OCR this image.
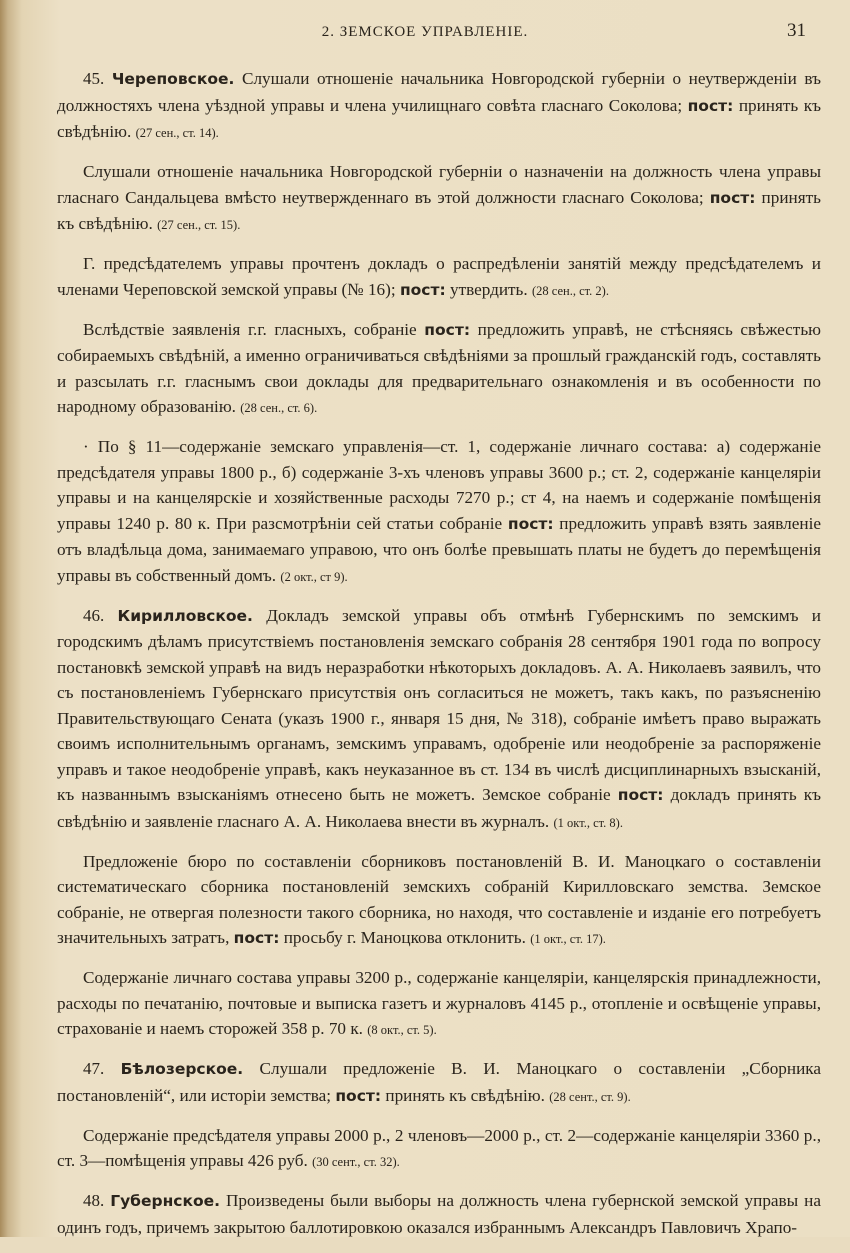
2. ЗЕМСКОЕ УПРАВЛЕНIЕ.	31

45. Череповское. Слушали отношенiе начальника Новгородской губернiи о неутвержденiи въ должностяхъ члена уѣздной управы и члена училищнаго совѣта гласнаго Соколова; пост: принять къ свѣдѣнiю. (27 сен., ст. 14).

Слушали отношенiе начальника Новгородской губернiи о назначенiи на должность члена управы гласнаго Сандальцева вмѣсто неутвержденнаго въ этой должности гласнаго Соколова; пост: принять къ свѣдѣнiю. (27 сен., ст. 15).

Г. предсѣдателемъ управы прочтенъ докладъ о распредѣленiи занятiй между предсѣдателемъ и членами Череповской земской управы (№ 16); пост: утвердить. (28 сен., ст. 2).

Вслѣдствiе заявленiя г.г. гласныхъ, собранiе пост: предложить управѣ, не стѣсняясь свѣжестью собираемыхъ свѣдѣнiй, а именно ограничиваться свѣдѣнiями за прошлый гражданскiй годъ, составлять и разсылать г.г. гласнымъ свои доклады для предварительнаго ознакомленiя и въ особенности по народному образованiю. (28 сен., ст. 6).

· По § 11—содержанiе земскаго управленiя—ст. 1, содержанiе личнаго состава: а) содержанiе предсѣдателя управы 1800 р., б) содержанiе 3-хъ членовъ управы 3600 р.; ст. 2, содержанiе канцеляріи управы и на канцелярскiе и хозяйственные расходы 7270 р.; ст 4, на наемъ и содержанiе помѣщенiя управы 1240 р. 80 к. При разсмотрѣнiи сей статьи собранiе пост: предложить управѣ взять заявленiе отъ владѣльца дома, занимаемаго управою, что онъ болѣе превышать платы не будетъ до перемѣщенiя управы въ собственный домъ. (2 окт., ст 9).

46. Кирилловское. Докладъ земской управы объ отмѣнѣ Губернскимъ по земскимъ и городскимъ дѣламъ присутствiемъ постановленiя земскаго собранiя 28 сентября 1901 года по вопросу постановкѣ земской управѣ на видъ неразработки нѣкоторыхъ докладовъ. А. А. Николаевъ заявилъ, что съ постановленiемъ Губернскаго присутствiя онъ согласиться не можетъ, такъ какъ, по разъясненiю Правительствующаго Сената (указъ 1900 г., января 15 дня, № 318), собранiе имѣетъ право выражать своимъ исполнительнымъ органамъ, земскимъ управамъ, одобренiе или неодобренiе за распоряженiе управъ и такое неодобренiе управѣ, какъ неуказанное въ ст. 134 въ числѣ дисциплинарныхъ взысканiй, къ названнымъ взысканiямъ отнесено быть не можетъ. Земское собранiе пост: докладъ принять къ свѣдѣнiю и заявленiе гласнаго А. А. Николаева внести въ журналъ. (1 окт., ст. 8).

Предложенiе бюро по составленiи сборниковъ постановленiй В. И. Маноцкаго о составленiи систематическаго сборника постановленiй земскихъ собранiй Кирилловскаго земства. Земское собранiе, не отвергая полезности такого сборника, но находя, что составленiе и изданiе его потребуетъ значительныхъ затратъ, пост: просьбу г. Маноцкова отклонить. (1 окт., ст. 17).

Содержанiе личнаго состава управы 3200 р., содержанiе канцеляріи, канцелярскiя принадлежности, расходы по печатанiю, почтовые и выписка газетъ и журналовъ 4145 р., отопленiе и освѣщенiе управы, страхованiе и наемъ сторожей 358 р. 70 к. (8 окт., ст. 5).

47. Бѣлозерское. Слушали предложенiе В. И. Маноцкаго о составленiи „Сборника постановленiй“, или исторiи земства; пост: принять къ свѣдѣнiю. (28 сент., ст. 9).

Содержанiе предсѣдателя управы 2000 р., 2 членовъ—2000 р., ст. 2—содержанiе канцеляріи 3360 р., ст. 3—помѣщенiя управы 426 руб. (30 сент., ст. 32).

48. Губернское. Произведены были выборы на должность члена губернской земской управы на одинъ годъ, причемъ закрытою баллотировкою оказался избраннымъ Александръ Павловичъ Храпо-
